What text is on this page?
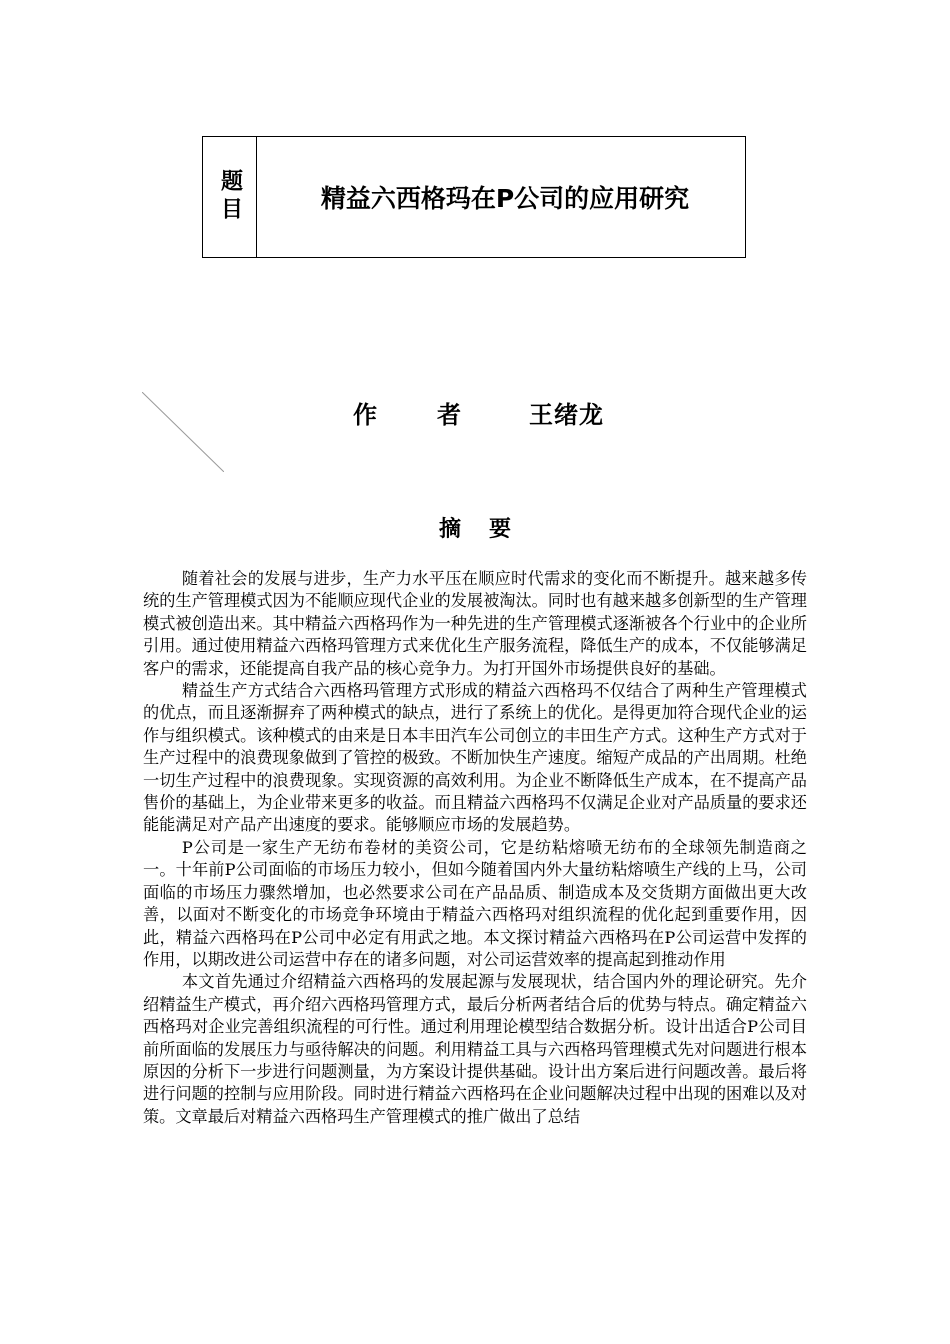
题目	精益六西格玛在P公司的应用研究
作者 王绪龙
摘要

随着社会的发展与进步，生产力水平压在顺应时代需求的变化而不断提升。越来越多传统的生产管理模式因为不能顺应现代企业的发展被淘汰。同时也有越来越多创新型的生产管理模式被创造出来。其中精益六西格玛作为一种先进的生产管理模式逐渐被各个行业中的企业所引用。通过使用精益六西格玛管理方式来优化生产服务流程，降低生产的成本，不仅能够满足客户的需求，还能提高自我产品的核心竞争力。为打开国外市场提供良好的基础。

精益生产方式结合六西格玛管理方式形成的精益六西格玛不仅结合了两种生产管理模式的优点，而且逐渐摒弃了两种模式的缺点，进行了系统上的优化。是得更加符合现代企业的运作与组织模式。该种模式的由来是日本丰田汽车公司创立的丰田生产方式。这种生产方式对于生产过程中的浪费现象做到了管控的极致。不断加快生产速度。缩短产成品的产出周期。杜绝一切生产过程中的浪费现象。实现资源的高效利用。为企业不断降低生产成本，在不提高产品售价的基础上，为企业带来更多的收益。而且精益六西格玛不仅满足企业对产品质量的要求还能能满足对产品产出速度的要求。能够顺应市场的发展趋势。

P公司是一家生产无纺布卷材的美资公司，它是纺粘熔喷无纺布的全球领先制造商之一。十年前P公司面临的市场压力较小，但如今随着国内外大量纺粘熔喷生产线的上马，公司面临的市场压力骤然增加，也必然要求公司在产品品质、制造成本及交货期方面做出更大改善，以面对不断变化的市场竞争环境由于精益六西格玛对组织流程的优化起到重要作用，因此，精益六西格玛在P公司中必定有用武之地。本文探讨精益六西格玛在P公司运营中发挥的作用，以期改进公司运营中存在的诸多问题，对公司运营效率的提高起到推动作用

本文首先通过介绍精益六西格玛的发展起源与发展现状，结合国内外的理论研究。先介绍精益生产模式，再介绍六西格玛管理方式，最后分析两者结合后的优势与特点。确定精益六西格玛对企业完善组织流程的可行性。通过利用理论模型结合数据分析。设计出适合P公司目前所面临的发展压力与亟待解决的问题。利用精益工具与六西格玛管理模式先对问题进行根本原因的分析下一步进行问题测量，为方案设计提供基础。设计出方案后进行问题改善。最后将进行问题的控制与应用阶段。同时进行精益六西格玛在企业问题解决过程中出现的困难以及对策。文章最后对精益六西格玛生产管理模式的推广做出了总结
